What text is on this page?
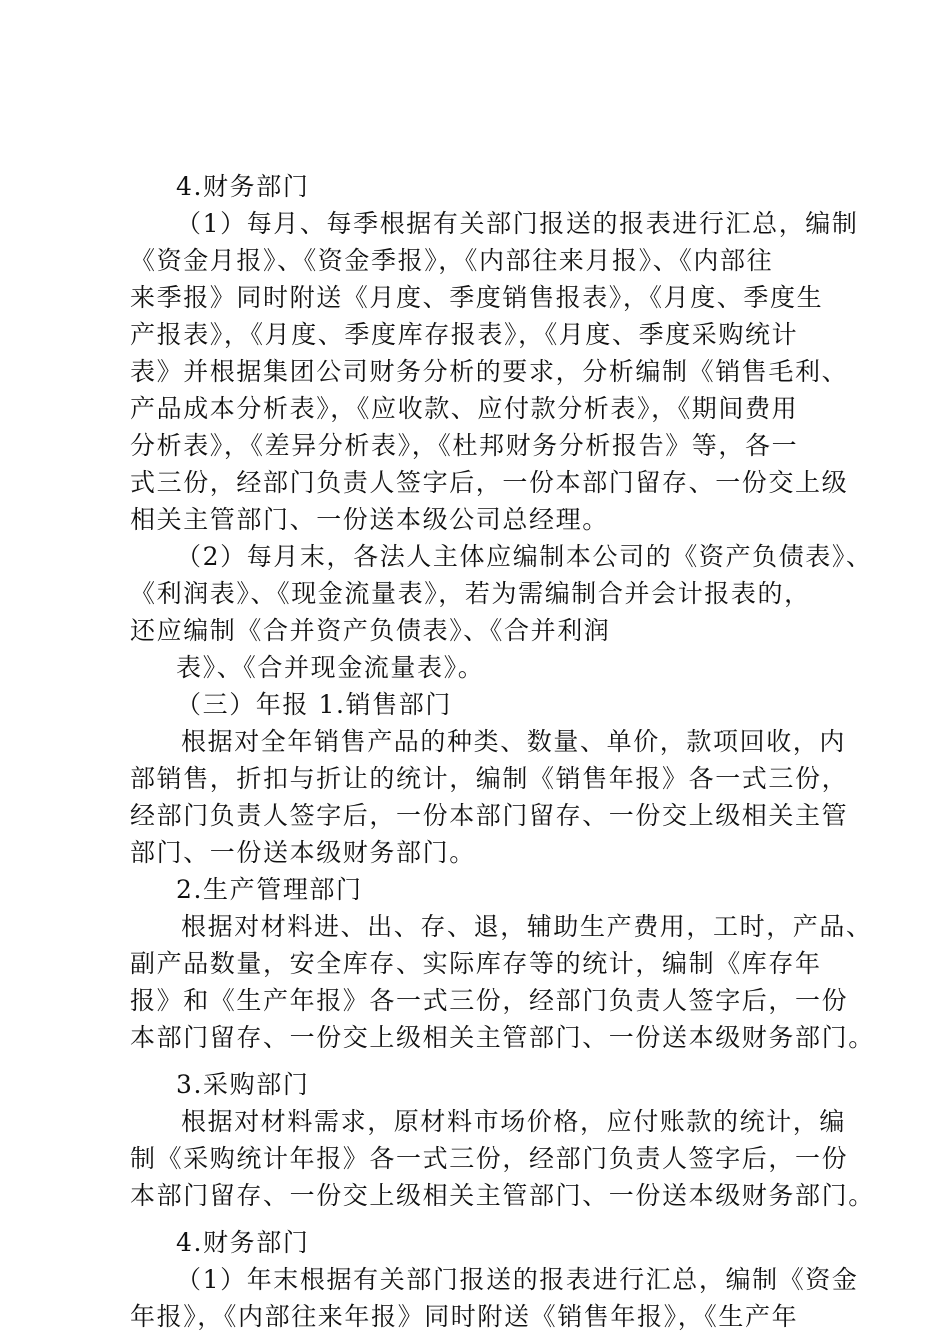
4.财务部门
（1）每月、每季根据有关部门报送的报表进行汇总，编制
《资金月报》、《资金季报》，《内部往来月报》、《内部往
来季报》同时附送《月度、季度销售报表》，《月度、季度生
产报表》，《月度、季度库存报表》，《月度、季度采购统计
表》并根据集团公司财务分析的要求，分析编制《销售毛利、
产品成本分析表》，《应收款、应付款分析表》，《期间费用
分析表》，《差异分析表》，《杜邦财务分析报告》等，各一
式三份，经部门负责人签字后，一份本部门留存、一份交上级
相关主管部门、一份送本级公司总经理。
（2）每月末，各法人主体应编制本公司的《资产负债表》、
《利润表》、《现金流量表》，若为需编制合并会计报表的，
还应编制《合并资产负债表》、《合并利润
表》、《合并现金流量表》。
（三）年报 1.销售部门
根据对全年销售产品的种类、数量、单价，款项回收，内
部销售，折扣与折让的统计，编制《销售年报》各一式三份，
经部门负责人签字后，一份本部门留存、一份交上级相关主管
部门、一份送本级财务部门。
2.生产管理部门
根据对材料进、出、存、退，辅助生产费用，工时，产品、
副产品数量，安全库存、实际库存等的统计，编制《库存年
报》和《生产年报》各一式三份，经部门负责人签字后，一份
本部门留存、一份交上级相关主管部门、一份送本级财务部门。
3.采购部门
根据对材料需求，原材料市场价格，应付账款的统计，编
制《采购统计年报》各一式三份，经部门负责人签字后，一份
本部门留存、一份交上级相关主管部门、一份送本级财务部门。
4.财务部门
（1）年末根据有关部门报送的报表进行汇总，编制《资金
年报》，《内部往来年报》同时附送《销售年报》，《生产年
